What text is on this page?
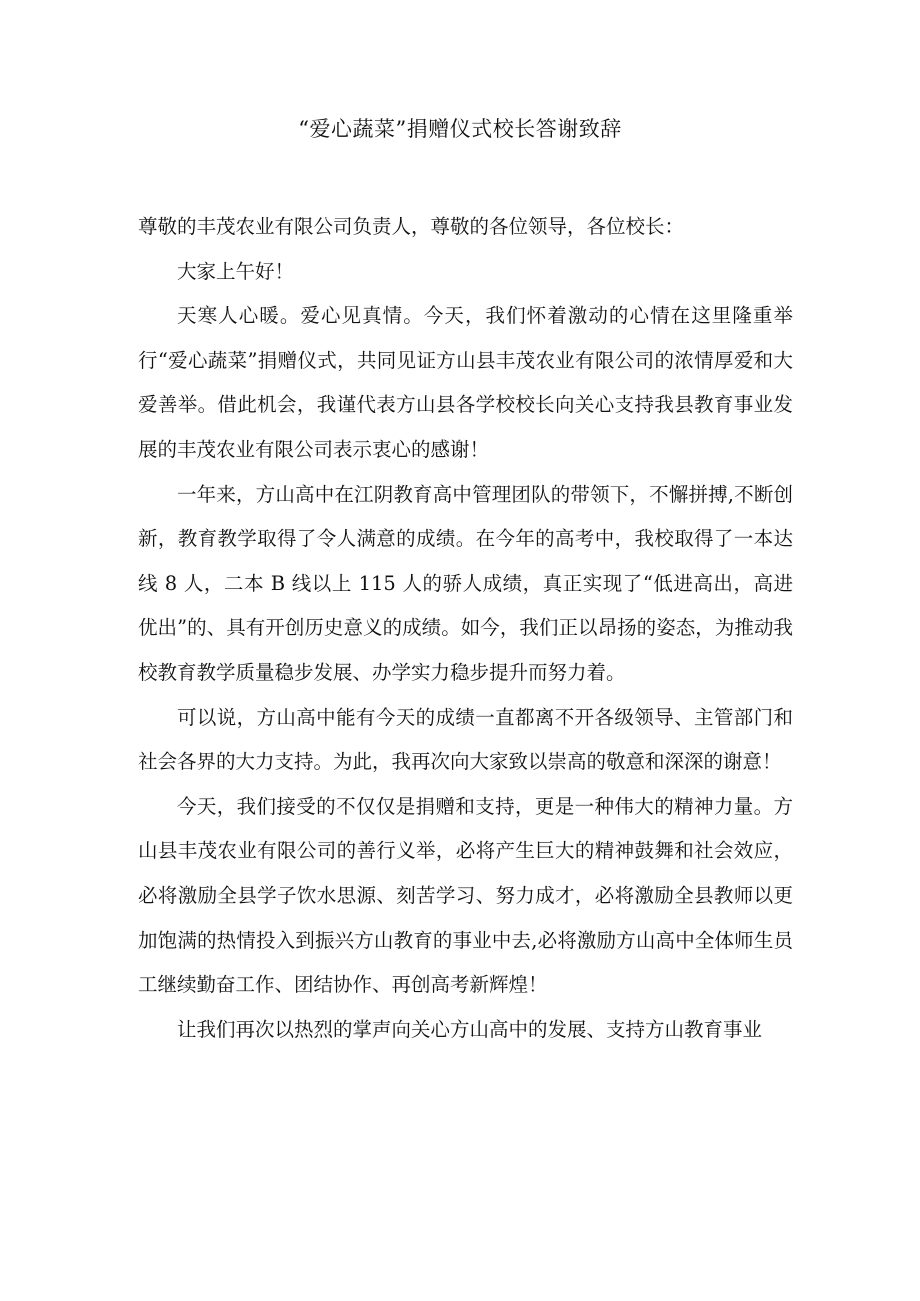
“爱心蔬菜”捐赠仪式校长答谢致辞

尊敬的丰茂农业有限公司负责人，尊敬的各位领导，各位校长：

大家上午好！

天寒人心暖。爱心见真情。今天，我们怀着激动的心情在这里隆重举行“爱心蔬菜”捐赠仪式，共同见证方山县丰茂农业有限公司的浓情厚爱和大爱善举。借此机会，我谨代表方山县各学校校长向关心支持我县教育事业发展的丰茂农业有限公司表示衷心的感谢！

一年来，方山高中在江阴教育高中管理团队的带领下，不懈拼搏,不断创新，教育教学取得了令人满意的成绩。在今年的高考中，我校取得了一本达线 8 人，二本 B 线以上 115 人的骄人成绩，真正实现了“低进高出，高进优出”的、具有开创历史意义的成绩。如今，我们正以昂扬的姿态，为推动我校教育教学质量稳步发展、办学实力稳步提升而努力着。

可以说，方山高中能有今天的成绩一直都离不开各级领导、主管部门和社会各界的大力支持。为此，我再次向大家致以崇高的敬意和深深的谢意！

今天，我们接受的不仅仅是捐赠和支持，更是一种伟大的精神力量。方山县丰茂农业有限公司的善行义举，必将产生巨大的精神鼓舞和社会效应，必将激励全县学子饮水思源、刻苦学习、努力成才，必将激励全县教师以更加饱满的热情投入到振兴方山教育的事业中去,必将激励方山高中全体师生员工继续勤奋工作、团结协作、再创高考新辉煌！

让我们再次以热烈的掌声向关心方山高中的发展、支持方山教育事业
